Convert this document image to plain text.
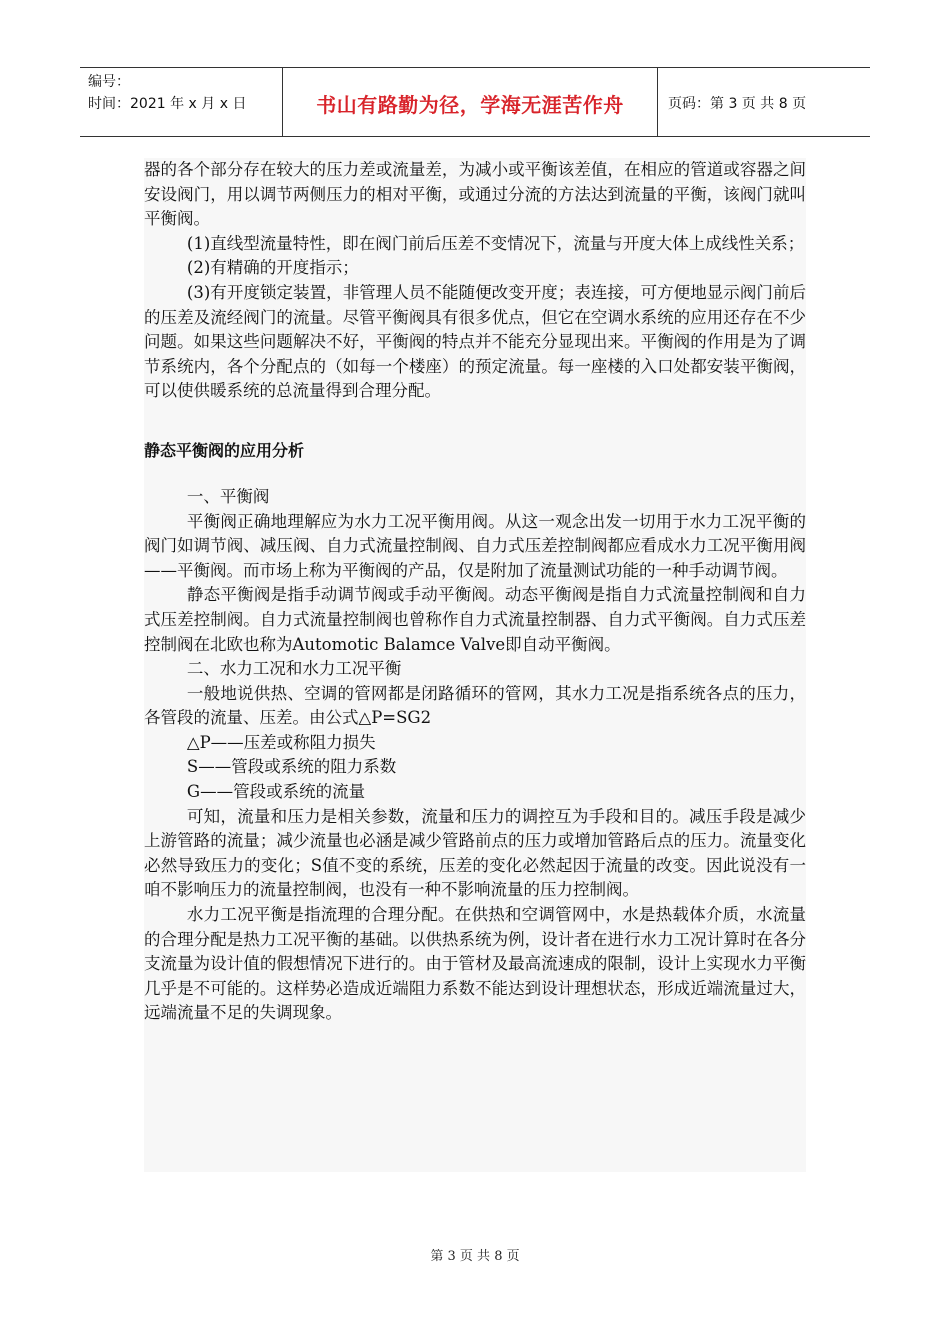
编号：
时间：2021 年 x 月 x 日	书山有路勤为径，学海无涯苦作舟	页码：第 3 页 共 8 页

器的各个部分存在较大的压力差或流量差，为减小或平衡该差值，在相应的管道或容器之间安设阀门，用以调节两侧压力的相对平衡，或通过分流的方法达到流量的平衡，该阀门就叫平衡阀。

(1)直线型流量特性，即在阀门前后压差不变情况下，流量与开度大体上成线性关系；

(2)有精确的开度指示；

(3)有开度锁定装置，非管理人员不能随便改变开度；表连接，可方便地显示阀门前后的压差及流经阀门的流量。尽管平衡阀具有很多优点，但它在空调水系统的应用还存在不少问题。如果这些问题解决不好，平衡阀的特点并不能充分显现出来。平衡阀的作用是为了调节系统内，各个分配点的（如每一个楼座）的预定流量。每一座楼的入口处都安装平衡阀，可以使供暖系统的总流量得到合理分配。

静态平衡阀的应用分析

一、平衡阀

平衡阀正确地理解应为水力工况平衡用阀。从这一观念出发一切用于水力工况平衡的阀门如调节阀、减压阀、自力式流量控制阀、自力式压差控制阀都应看成水力工况平衡用阀——平衡阀。而市场上称为平衡阀的产品，仅是附加了流量测试功能的一种手动调节阀。

静态平衡阀是指手动调节阀或手动平衡阀。动态平衡阀是指自力式流量控制阀和自力式压差控制阀。自力式流量控制阀也曾称作自力式流量控制器、自力式平衡阀。自力式压差控制阀在北欧也称为Automotic Balamce Valve即自动平衡阀。

二、水力工况和水力工况平衡

一般地说供热、空调的管网都是闭路循环的管网，其水力工况是指系统各点的压力，各管段的流量、压差。由公式△P=SG2

△P——压差或称阻力损失

S——管段或系统的阻力系数

G——管段或系统的流量

可知，流量和压力是相关参数，流量和压力的调控互为手段和目的。减压手段是减少上游管路的流量；减少流量也必涵是减少管路前点的压力或增加管路后点的压力。流量变化必然导致压力的变化；S值不变的系统，压差的变化必然起因于流量的改变。因此说没有一咱不影响压力的流量控制阀，也没有一种不影响流量的压力控制阀。

水力工况平衡是指流理的合理分配。在供热和空调管网中，水是热载体介质，水流量的合理分配是热力工况平衡的基础。以供热系统为例，设计者在进行水力工况计算时在各分支流量为设计值的假想情况下进行的。由于管材及最高流速成的限制，设计上实现水力平衡几乎是不可能的。这样势必造成近端阻力系数不能达到设计理想状态，形成近端流量过大，远端流量不足的失调现象。

第 3 页 共 8 页
